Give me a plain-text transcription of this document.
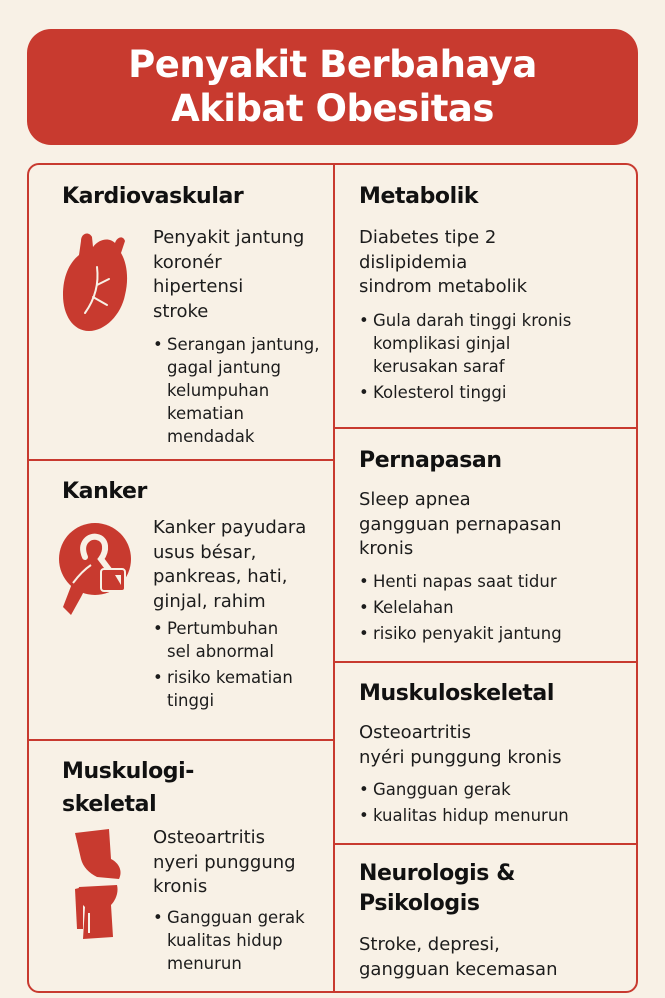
Penyakit Berbahaya
Akibat Obesitas
Kardiovaskular
Penyakit jantung
koronér
hipertensi
stroke
• Serangan jantung,
gagal jantung
kelumpuhan
kematian
mendadak
Kanker
Kanker payudara
usus bésar,
pankreas, hati,
ginjal, rahim
• Pertumbuhan
sel abnormal
• risiko kematian
tinggi
Muskulogi-
skeletal
Osteoartritis
nyeri punggung
kronis
• Gangguan gerak
kualitas hidup
menurun
Metabolik
Diabetes tipe 2
dislipidemia
sindrom metabolik
• Gula darah tinggi kronis
komplikasi ginjal
kerusakan saraf
• Kolesterol tinggi
Pernapasan
Sleep apnea
gangguan pernapasan
kronis
• Henti napas saat tidur
• Kelelahan
• risiko penyakit jantung
Muskuloskeletal
Osteoartritis
nyéri punggung kronis
• Gangguan gerak
• kualitas hidup menurun
Neurologis &
Psikologis
Stroke, depresi,
gangguan kecemasan
